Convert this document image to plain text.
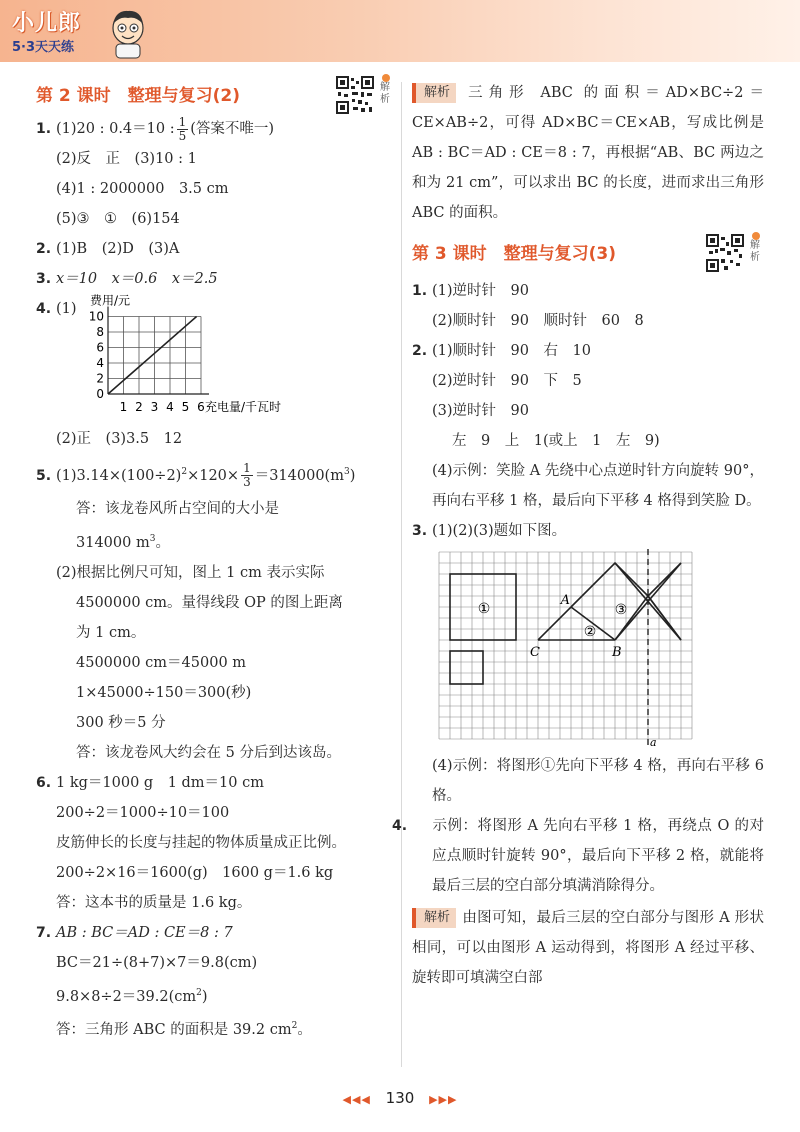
小儿郎
5·3天天练
第 2 课时　整理与复习(2)	解析
1. (1)20 : 0.4＝10 : $\frac{1}{5}$ (答案不唯一)
(2)反　正　(3)10 : 1
(4)1 : 2000000　3.5 cm
(5)③　①　(6)154
2. (1)B　(2)D　(3)A
3. x＝10　x＝0.6　x＝2.5
4. (1)
费用/元
充电量/千瓦时
0
2
4
6
8
10
1 2 3 4 5 6
(2)正　(3)3.5　12
5. $(1)3.14\times(100\div 2)^2\times 120\times \frac{1}{3} =314000(m^3)$
答：该龙卷风所占空间的大小是
314000 $m^3$。
(2)根据比例尺可知，图上 1 cm 表示实际
4500000 cm。量得线段 OP 的图上距离
为 1 cm。
4500000 cm＝45000 m
1×45000÷150＝300(秒)
300 秒＝5 分
答：该龙卷风大约会在 5 分后到达该岛。
6. 1 kg＝1000 g　1 dm＝10 cm
200÷2＝1000÷10＝100
皮筋伸长的长度与挂起的物体质量成正比例。
200÷2×16＝1600(g)　1600 g＝1.6 kg
答：这本书的质量是 1.6 kg。
7. AB : BC＝AD : CE＝8 : 7
BC＝21÷(8+7)×7＝9.8(cm)
$9.8\times 8\div 2=39.2(cm^2)$
答：三角形 ABC 的面积是 39.2 $cm^2$。
解析 三角形 ABC 的面积＝AD×BC÷2＝CE×AB÷2，可得 AD×BC＝CE×AB，写成比例是 AB : BC＝AD : CE＝8 : 7，再根据“AB、BC 两边之和为 21 cm”，可以求出 BC 的长度，进而求出三角形 ABC 的面积。
第 3 课时　整理与复习(3)	解析
1. (1)逆时针　90
(2)顺时针　90　顺时针　60　8
2. (1)顺时针　90　右　10
(2)逆时针　90　下　5
(3)逆时针　90
左　9　上　1(或上　1　左　9)
(4)示例：笑脸 A 先绕中心点逆时针方向旋转 90°，再向右平移 1 格，最后向下平移 4 格得到笑脸 D。
3. (1)(2)(3)题如下图。
①
②
③
A
B
C
a
(4)示例：将图形①先向下平移 4 格，再向右平移 6 格。
4. 示例：将图形 A 先向右平移 1 格，再绕点 O 的对应点顺时针旋转 90°，最后向下平移 2 格，就能将最后三层的空白部分填满消除得分。
解析 由图可知，最后三层的空白部分与图形 A 形状相同，可以由图形 A 运动得到，将图形 A 经过平移、旋转即可填满空白部
◀◀◀ 130 ▶▶▶
